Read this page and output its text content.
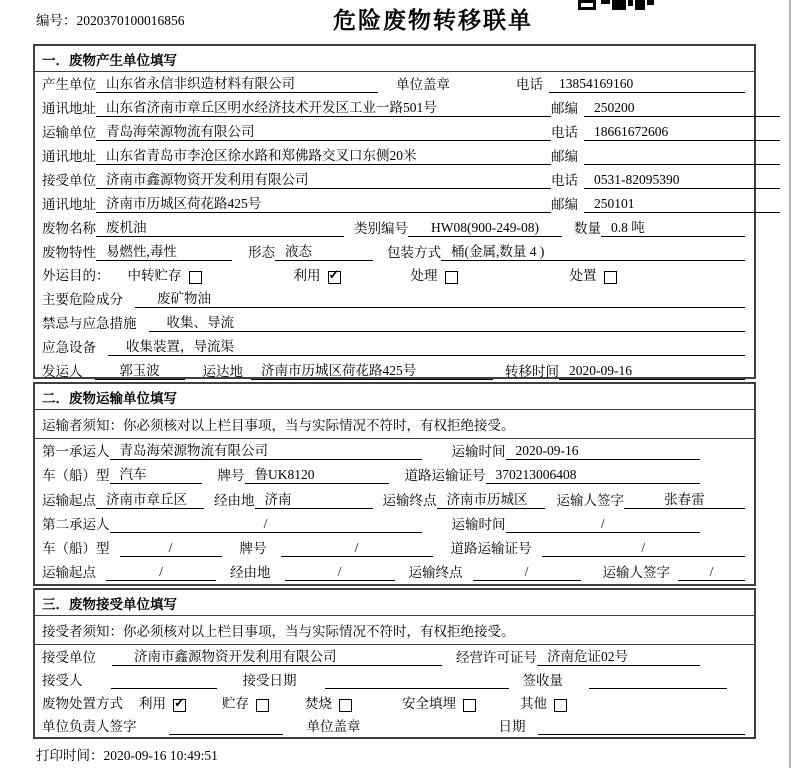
编号：2020370100016856	危险废物转移联单
一．废物产生单位填写
产生单位 山东省永信非织造材料有限公司	单位盖章	电话	13854169160
通讯地址 山东省济南市章丘区明水经济技术开发区工业一路501号	邮编	250200
运输单位 青岛海荣源物流有限公司	电话	18661672606
通讯地址 山东省青岛市李沧区徐水路和郑佛路交叉口东侧20米	邮编
接受单位 济南市鑫源物资开发利用有限公司	电话	0531-82095390
通讯地址 济南市历城区荷花路425号	邮编	250101
废物名称 废机油	类别编号	HW08(900-249-08)	数量 0.8 吨
废物特性 易燃性,毒性	形态 液态	包装方式 桶(金属,数量 4 )
外运目的： 中转贮存	利用 ✓	处理	处置
主要危险成分	废矿物油
禁忌与应急措施	收集、导流
应急设备	收集装置，导流渠
发运人	郭玉波	运达地	济南市历城区荷花路425号	转移时间 2020-09-16
二．废物运输单位填写
运输者须知：你必须核对以上栏目事项，当与实际情况不符时，有权拒绝接受。
第一承运人 青岛海荣源物流有限公司	运输时间 2020-09-16
车（船）型 汽车	牌号 鲁UK8120	道路运输证号 370213006408
运输起点 济南市章丘区	经由地 济南	运输终点 济南市历城区	运输人签字	张春雷
第二承运人	/	运输时间	/
车（船）型	/	牌号	/	道路运输证号	/
运输起点	/	经由地	/	运输终点	/	运输人签字	/
三．废物接受单位填写
接受者须知：你必须核对以上栏目事项，当与实际情况不符时，有权拒绝接受。
接受单位	济南市鑫源物资开发利用有限公司	经营许可证号 济南危证02号
接受人	接受日期	签收量
废物处置方式 利用 ✓	贮存	焚烧	安全填埋	其他
单位负责人签字	单位盖章	日期
打印时间：2020-09-16 10:49:51
